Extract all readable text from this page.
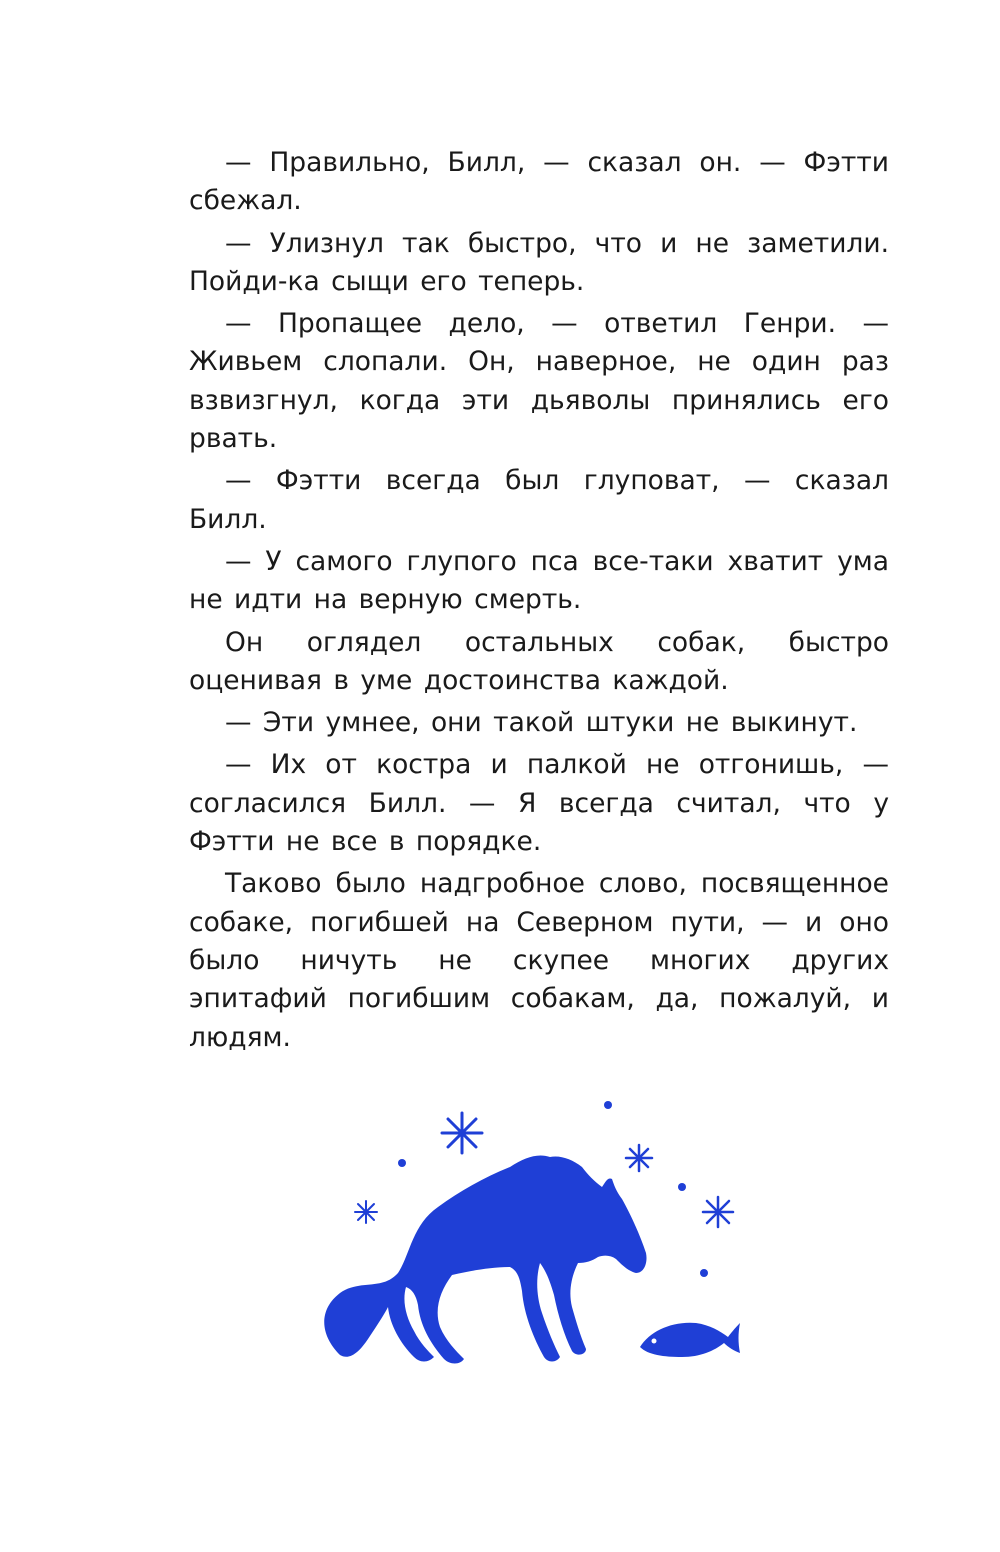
— Правильно, Билл, — сказал он. — Фэтти сбежал.

— Улизнул так быстро, что и не заметили. Пойди-ка сыщи его теперь.

— Пропащее дело, — ответил Генри. — Живьем слопали. Он, наверное, не один раз взвизгнул, когда эти дьяволы принялись его рвать.

— Фэтти всегда был глуповат, — сказал Билл.

— У самого глупого пса все-таки хватит ума не идти на верную смерть.

Он оглядел остальных собак, быстро оценивая в уме достоинства каждой.

— Эти умнее, они такой штуки не выкинут.

— Их от костра и палкой не отгонишь, — согласился Билл. — Я всегда считал, что у Фэтти не все в порядке.

Таково было надгробное слово, посвященное собаке, погибшей на Северном пути, — и оно было ничуть не скупее многих других эпитафий погибшим собакам, да, пожалуй, и людям.
